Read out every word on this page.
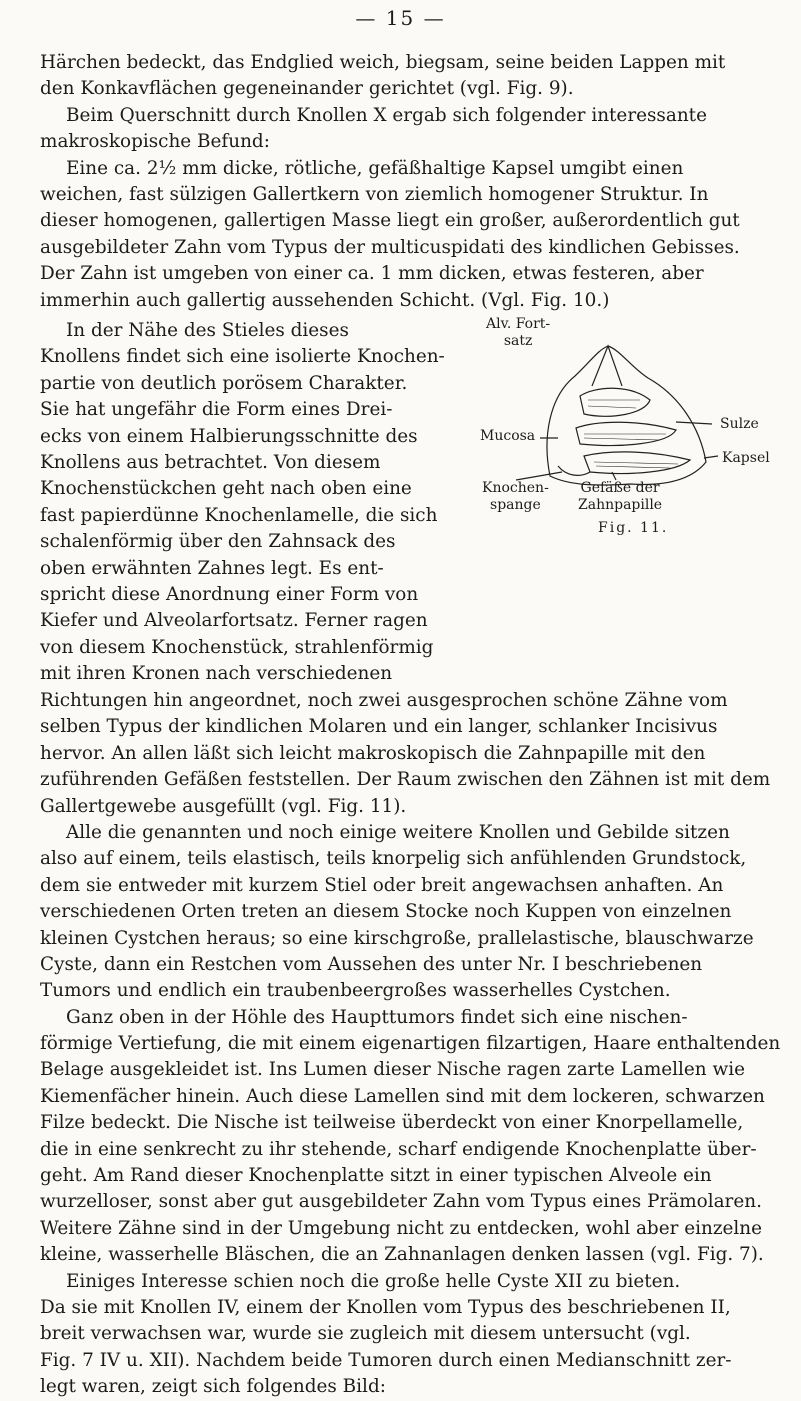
— 15 —
Härchen bedeckt, das Endglied weich, biegsam, seine beiden Lappen mit
den Konkavflächen gegeneinander gerichtet (vgl. Fig. 9).
Beim Querschnitt durch Knollen X ergab sich folgender interessante
makroskopische Befund:
Eine ca. 2½ mm dicke, rötliche, gefäßhaltige Kapsel umgibt einen
weichen, fast sülzigen Gallertkern von ziemlich homogener Struktur. In
dieser homogenen, gallertigen Masse liegt ein großer, außerordentlich gut
ausgebildeter Zahn vom Typus der multicuspidati des kindlichen Gebisses.
Der Zahn ist umgeben von einer ca. 1 mm dicken, etwas festeren, aber
immerhin auch gallertig aussehenden Schicht. (Vgl. Fig. 10.)
In der Nähe des Stieles dieses
Knollens findet sich eine isolierte Knochen-
partie von deutlich porösem Charakter.
Sie hat ungefähr die Form eines Drei-
ecks von einem Halbierungsschnitte des
Knollens aus betrachtet. Von diesem
Knochenstückchen geht nach oben eine
fast papierdünne Knochenlamelle, die sich
schalenförmig über den Zahnsack des
oben erwähnten Zahnes legt. Es ent-
spricht diese Anordnung einer Form von
Kiefer und Alveolarfortsatz. Ferner ragen
von diesem Knochenstück, strahlenförmig
mit ihren Kronen nach verschiedenen
Alv. Fort-
satz
Mucosa
Sulze
Kapsel
Knochen-
spange
Gefäße der
Zahnpapille
Fig. 11.
Richtungen hin angeordnet, noch zwei ausgesprochen schöne Zähne vom
selben Typus der kindlichen Molaren und ein langer, schlanker Incisivus
hervor. An allen läßt sich leicht makroskopisch die Zahnpapille mit den
zuführenden Gefäßen feststellen. Der Raum zwischen den Zähnen ist mit dem
Gallertgewebe ausgefüllt (vgl. Fig. 11).
Alle die genannten und noch einige weitere Knollen und Gebilde sitzen
also auf einem, teils elastisch, teils knorpelig sich anfühlenden Grundstock,
dem sie entweder mit kurzem Stiel oder breit angewachsen anhaften. An
verschiedenen Orten treten an diesem Stocke noch Kuppen von einzelnen
kleinen Cystchen heraus; so eine kirschgroße, prallelastische, blauschwarze
Cyste, dann ein Restchen vom Aussehen des unter Nr. I beschriebenen
Tumors und endlich ein traubenbeergroßes wasserhelles Cystchen.
Ganz oben in der Höhle des Haupttumors findet sich eine nischen-
förmige Vertiefung, die mit einem eigenartigen filzartigen, Haare enthaltenden
Belage ausgekleidet ist. Ins Lumen dieser Nische ragen zarte Lamellen wie
Kiemenfächer hinein. Auch diese Lamellen sind mit dem lockeren, schwarzen
Filze bedeckt. Die Nische ist teilweise überdeckt von einer Knorpellamelle,
die in eine senkrecht zu ihr stehende, scharf endigende Knochenplatte über-
geht. Am Rand dieser Knochenplatte sitzt in einer typischen Alveole ein
wurzelloser, sonst aber gut ausgebildeter Zahn vom Typus eines Prämolaren.
Weitere Zähne sind in der Umgebung nicht zu entdecken, wohl aber einzelne
kleine, wasserhelle Bläschen, die an Zahnanlagen denken lassen (vgl. Fig. 7).
Einiges Interesse schien noch die große helle Cyste XII zu bieten.
Da sie mit Knollen IV, einem der Knollen vom Typus des beschriebenen II,
breit verwachsen war, wurde sie zugleich mit diesem untersucht (vgl.
Fig. 7 IV u. XII). Nachdem beide Tumoren durch einen Medianschnitt zer-
legt waren, zeigt sich folgendes Bild:
